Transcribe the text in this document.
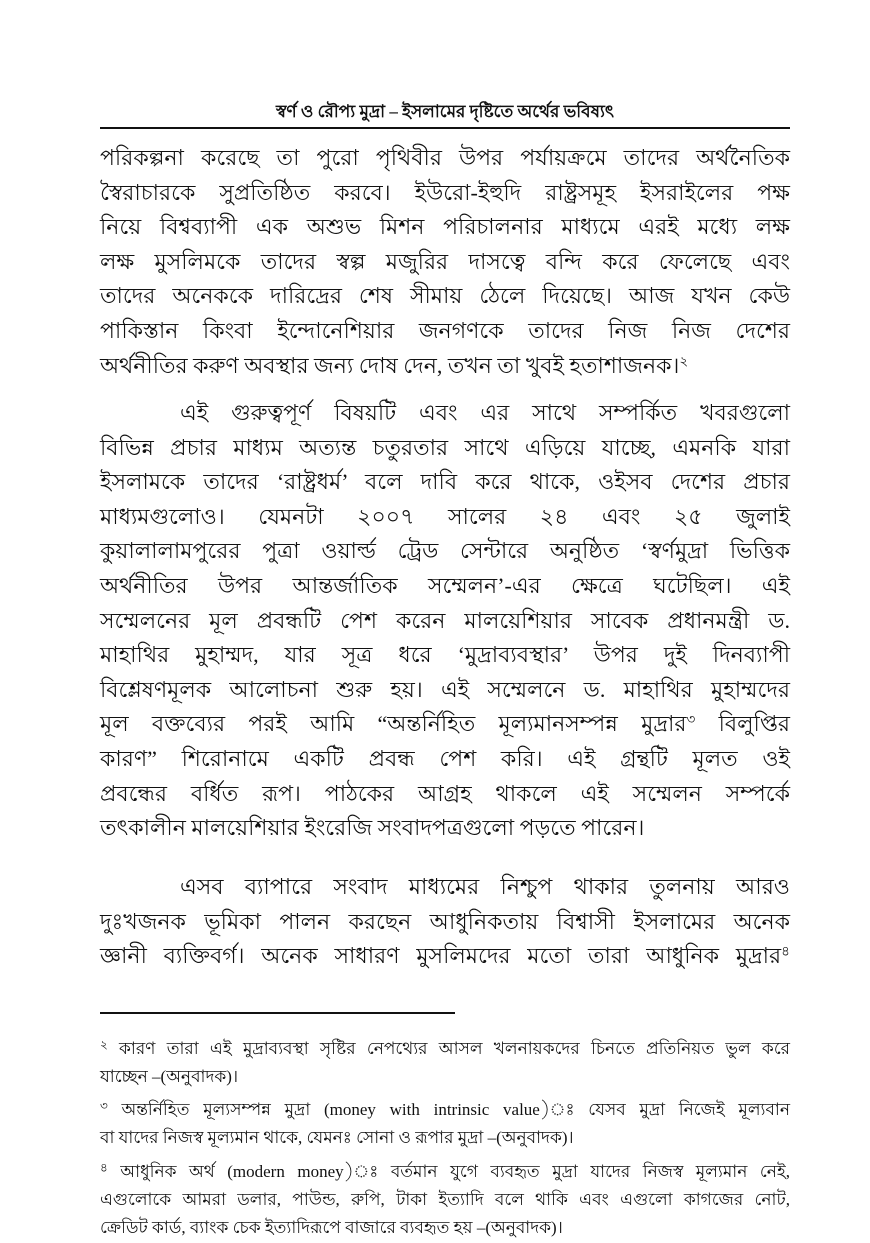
স্বর্ণ ও রৌপ্য মুদ্রা – ইসলামের দৃষ্টিতে অর্থের ভবিষ্যৎ
পরিকল্পনা করেছে তা পুরো পৃথিবীর উপর পর্যায়ক্রমে তাদের অর্থনৈতিক
স্বৈরাচারকে সুপ্রতিষ্ঠিত করবে। ইউরো-ইহুদি রাষ্ট্রসমূহ ইসরাইলের পক্ষ
নিয়ে বিশ্বব্যাপী এক অশুভ মিশন পরিচালনার মাধ্যমে এরই মধ্যে লক্ষ
লক্ষ মুসলিমকে তাদের স্বল্প মজুরির দাসত্বে বন্দি করে ফেলেছে এবং
তাদের অনেককে দারিদ্রের শেষ সীমায় ঠেলে দিয়েছে। আজ যখন কেউ
পাকিস্তান কিংবা ইন্দোনেশিয়ার জনগণকে তাদের নিজ নিজ দেশের
অর্থনীতির করুণ অবস্থার জন্য দোষ দেন, তখন তা খুবই হতাশাজনক।$^২$
এই গুরুত্বপূর্ণ বিষয়টি এবং এর সাথে সম্পর্কিত খবরগুলো
বিভিন্ন প্রচার মাধ্যম অত্যন্ত চতুরতার সাথে এড়িয়ে যাচ্ছে, এমনকি যারা
ইসলামকে তাদের ‘রাষ্ট্রধর্ম’ বলে দাবি করে থাকে, ওইসব দেশের প্রচার
মাধ্যমগুলোও। যেমনটা ২০০৭ সালের ২৪ এবং ২৫ জুলাই
কুয়ালালামপুরের পুত্রা ওয়ার্ল্ড ট্রেড সেন্টারে অনুষ্ঠিত ‘স্বর্ণমুদ্রা ভিত্তিক
অর্থনীতির উপর আন্তর্জাতিক সম্মেলন’-এর ক্ষেত্রে ঘটেছিল। এই
সম্মেলনের মূল প্রবন্ধটি পেশ করেন মালয়েশিয়ার সাবেক প্রধানমন্ত্রী ড.
মাহাথির মুহাম্মদ, যার সূত্র ধরে ‘মুদ্রাব্যবস্থার’ উপর দুই দিনব্যাপী
বিশ্লেষণমূলক আলোচনা শুরু হয়। এই সম্মেলনে ড. মাহাথির মুহাম্মদের
মূল বক্তব্যের পরই আমি “অন্তর্নিহিত মূল্যমানসম্পন্ন মুদ্রার$^৩$ বিলুপ্তির
কারণ” শিরোনামে একটি প্রবন্ধ পেশ করি। এই গ্রন্থটি মূলত ওই
প্রবন্ধের বর্ধিত রূপ। পাঠকের আগ্রহ থাকলে এই সম্মেলন সম্পর্কে
তৎকালীন মালয়েশিয়ার ইংরেজি সংবাদপত্রগুলো পড়তে পারেন।
এসব ব্যাপারে সংবাদ মাধ্যমের নিশ্চুপ থাকার তুলনায় আরও
দুঃখজনক ভূমিকা পালন করছেন আধুনিকতায় বিশ্বাসী ইসলামের অনেক
জ্ঞানী ব্যক্তিবর্গ। অনেক সাধারণ মুসলিমদের মতো তারা আধুনিক মুদ্রার$^৪$
$^২$ কারণ তারা এই মুদ্রাব্যবস্থা সৃষ্টির নেপথ্যের আসল খলনায়কদের চিনতে প্রতিনিয়ত ভুল করে
যাচ্ছেন –(অনুবাদক)।
$^৩$ অন্তর্নিহিত মূল্যসম্পন্ন মুদ্রা (money with intrinsic value)ঃ যেসব মুদ্রা নিজেই মূল্যবান
বা যাদের নিজস্ব মূল্যমান থাকে, যেমনঃ সোনা ও রূপার মুদ্রা –(অনুবাদক)।
$^৪$ আধুনিক অর্থ (modern money)ঃ বর্তমান যুগে ব্যবহৃত মুদ্রা যাদের নিজস্ব মূল্যমান নেই,
এগুলোকে আমরা ডলার, পাউন্ড, রুপি, টাকা ইত্যাদি বলে থাকি এবং এগুলো কাগজের নোট,
ক্রেডিট কার্ড, ব্যাংক চেক ইত্যাদিরূপে বাজারে ব্যবহৃত হয় –(অনুবাদক)।
